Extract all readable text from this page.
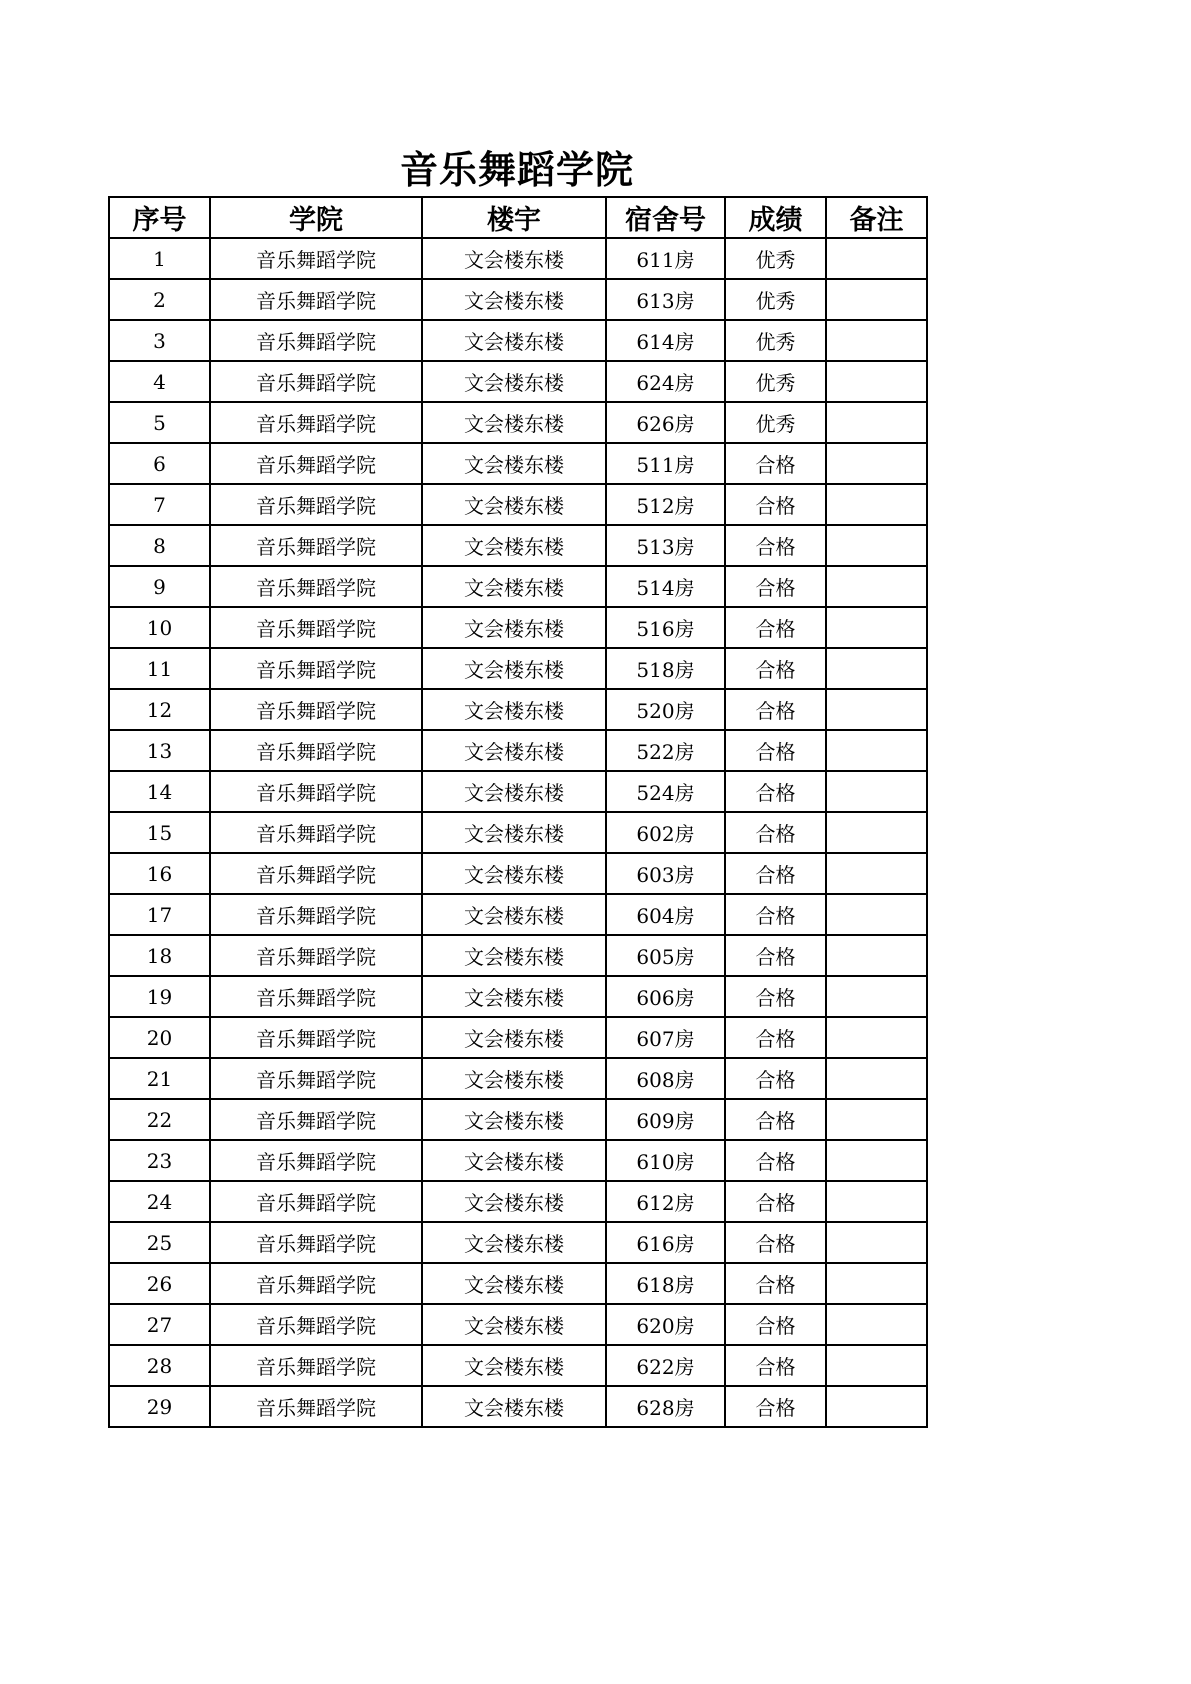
音乐舞蹈学院
序号	学院	楼宇	宿舍号	成绩	备注
1	音乐舞蹈学院	文会楼东楼	611房	优秀	
2	音乐舞蹈学院	文会楼东楼	613房	优秀	
3	音乐舞蹈学院	文会楼东楼	614房	优秀	
4	音乐舞蹈学院	文会楼东楼	624房	优秀	
5	音乐舞蹈学院	文会楼东楼	626房	优秀	
6	音乐舞蹈学院	文会楼东楼	511房	合格	
7	音乐舞蹈学院	文会楼东楼	512房	合格	
8	音乐舞蹈学院	文会楼东楼	513房	合格	
9	音乐舞蹈学院	文会楼东楼	514房	合格	
10	音乐舞蹈学院	文会楼东楼	516房	合格	
11	音乐舞蹈学院	文会楼东楼	518房	合格	
12	音乐舞蹈学院	文会楼东楼	520房	合格	
13	音乐舞蹈学院	文会楼东楼	522房	合格	
14	音乐舞蹈学院	文会楼东楼	524房	合格	
15	音乐舞蹈学院	文会楼东楼	602房	合格	
16	音乐舞蹈学院	文会楼东楼	603房	合格	
17	音乐舞蹈学院	文会楼东楼	604房	合格	
18	音乐舞蹈学院	文会楼东楼	605房	合格	
19	音乐舞蹈学院	文会楼东楼	606房	合格	
20	音乐舞蹈学院	文会楼东楼	607房	合格	
21	音乐舞蹈学院	文会楼东楼	608房	合格	
22	音乐舞蹈学院	文会楼东楼	609房	合格	
23	音乐舞蹈学院	文会楼东楼	610房	合格	
24	音乐舞蹈学院	文会楼东楼	612房	合格	
25	音乐舞蹈学院	文会楼东楼	616房	合格	
26	音乐舞蹈学院	文会楼东楼	618房	合格	
27	音乐舞蹈学院	文会楼东楼	620房	合格	
28	音乐舞蹈学院	文会楼东楼	622房	合格	
29	音乐舞蹈学院	文会楼东楼	628房	合格	
